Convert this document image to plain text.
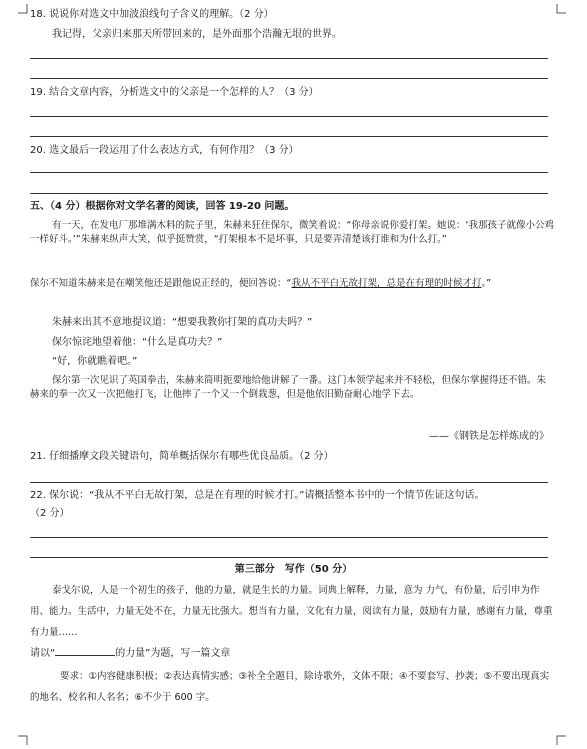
18. 说说你对选文中加波浪线句子含义的理解。（2 分）
我记得，父亲归来那天所带回来的，是外面那个浩瀚无垠的世界。
19. 结合文章内容，分析选文中的父亲是一个怎样的人？（3 分）
20. 选文最后一段运用了什么表达方式，有何作用？（3 分）
五、（4 分）根据你对文学名著的阅读，回答 19-20 问题。
有一天，在发电厂那堆满木料的院子里，朱赫来狂住保尔，微笑着说：“你母亲说你爱打架。她说：‘我那孩子就像小公鸡一样好斗。’”朱赫来纵声大笑，似乎挺赞赏，“打架根本不是坏事，只是要弄清楚该打谁和为什么打。”
保尔不知道朱赫来是在嘲笑他还是跟他说正经的，便回答说：“我从不平白无故打架，总是在有理的时候才打。”
朱赫来出其不意地提议道：“想要我教你打架的真功夫吗？”
保尔惊诧地望着他：“什么是真功夫？”
“好，你就瞧着吧。”
保尔第一次见识了英国拳击，朱赫来简明扼要地给他讲解了一番。这门本领学起来并不轻松，但保尔掌握得还不错。朱赫来的拳一次又一次把他打飞，让他摔了一个又一个倒栽葱，但是他依旧勤奋耐心地学下去。
——《钢铁是怎样炼成的》
21. 仔细播摩文段关键语句，简单概括保尔有哪些优良品质。（2 分）
22. 保尔说：“我从不平白无故打架，总是在有理的时候才打。”请概括整本书中的一个情节佐证这句话。
（2 分）
第三部分　写作（50 分）
泰戈尔说，人是一个初生的孩子，他的力量，就是生长的力量。词典上解释，力量，意为 力气，有份量，后引申为作用、能力。生活中，力量无处不在，力量无比强大。想当有力量，文化有力量，阅读有力量，鼓励有力量，感谢有力量，尊重有力量……
请以“	的力量”为题，写一篇文章
要求：①内容健康积极；②表达真情实感；③补全全题目，除诗歌外，文体不限；④不要套写、抄袭；⑤不要出现真实的地名、校名和人名名；⑥不少于 600 字。
